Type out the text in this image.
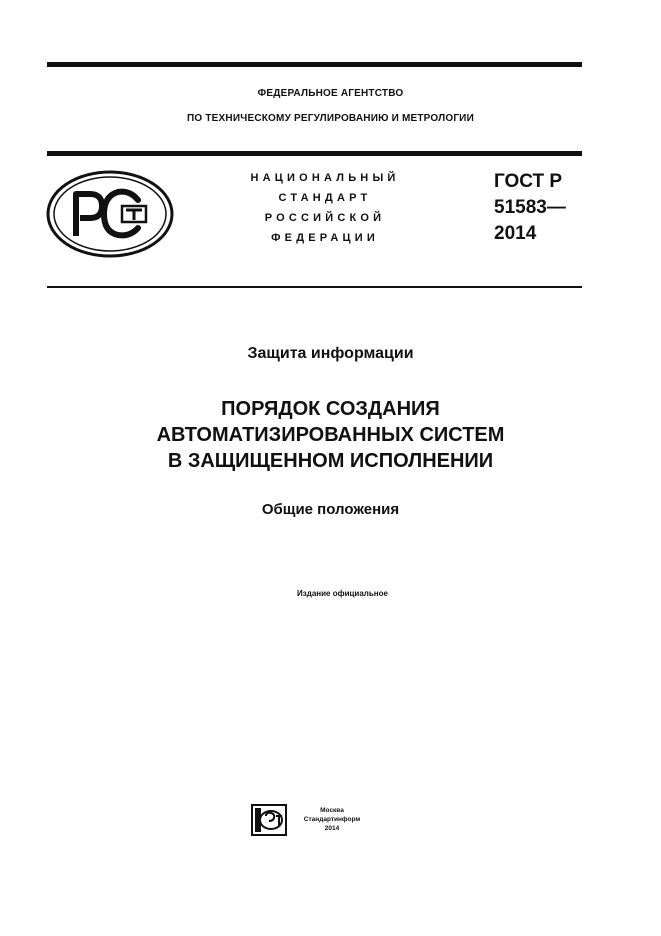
ФЕДЕРАЛЬНОЕ АГЕНТСТВО
ПО ТЕХНИЧЕСКОМУ РЕГУЛИРОВАНИЮ И МЕТРОЛОГИИ
НАЦИОНАЛЬНЫЙ
СТАНДАРТ
РОССИЙСКОЙ
ФЕДЕРАЦИИ
ГОСТ Р
51583—
2014
Защита информации
ПОРЯДОК СОЗДАНИЯ
АВТОМАТИЗИРОВАННЫХ СИСТЕМ
В ЗАЩИЩЕННОМ ИСПОЛНЕНИИ
Общие положения
Издание официальное
Москва
Стандартинформ
2014
